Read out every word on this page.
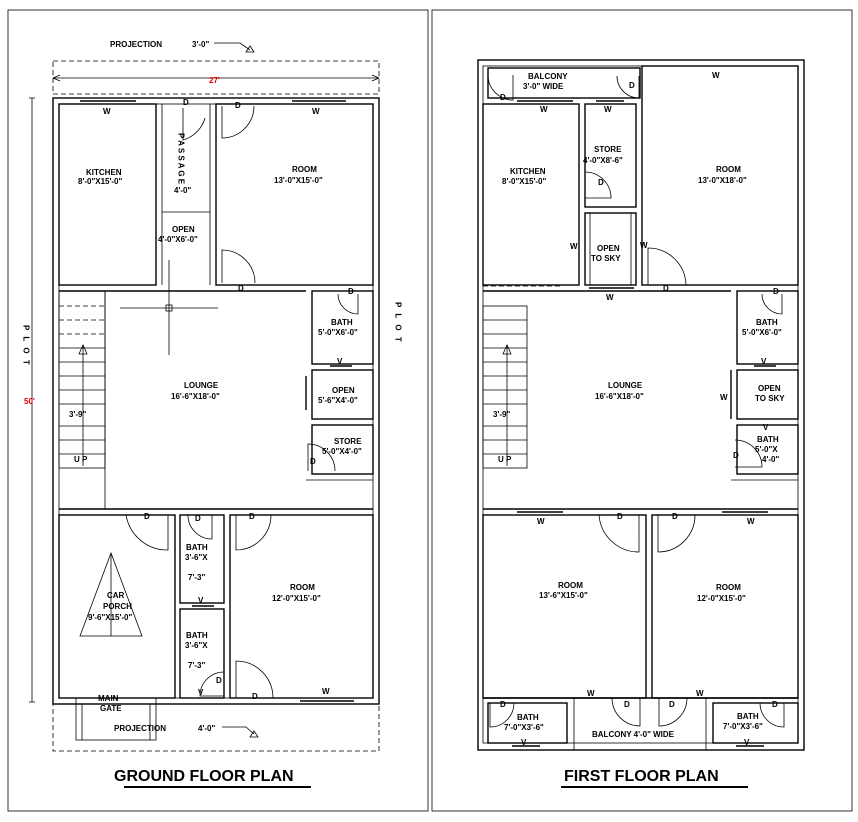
PROJECTION	3'-0"
27'
50'
P L O T
P L O T
W
KITCHEN
8'-0"X15'-0"	P A S S A G E
4'-0"
OPEN
4'-0"X6'-0"
D
W
D
ROOM
13'-0"X15'-0"
D
3'-9"
U P
LOUNGE
16'-6"X18'-0"
D
BATH
5'-0"X6'-0"
V
OPEN
5'-6"X4'-0"
STORE
5'-0"X4'-0"
D
D
CAR
PORCH
9'-6"X15'-0"
D
BATH
3'-6"X
7'-3"
V
BATH
3'-6"X
7'-3"
D
V
D
ROOM
12'-0"X15'-0"
D
W
MAIN
GATE
PROJECTION	4'-0"
GROUND FLOOR PLAN
BALCONY
3'-0" WIDE
D
D
W
KITCHEN
8'-0"X15'-0"
W
W
STORE
4'-0"X8'-6"
D
OPEN
TO SKY
W
ROOM
13'-0"X18'-0"
W
D
3'-9"
U P
W
LOUNGE
16'-6"X18'-0"	W
D
BATH
5'-0"X6'-0"
V
OPEN
TO SKY
V
BATH
5'-0"X
4'-0"
D
W
D
ROOM
13'-6"X15'-0"
W
D
W
ROOM
12'-0"X15'-0"
W
D
BATH
7'-0"X3'-6"
V
BALCONY 4'-0" WIDE
D	D	D
BATH
7'-0"X3'-6"
V
FIRST FLOOR PLAN
